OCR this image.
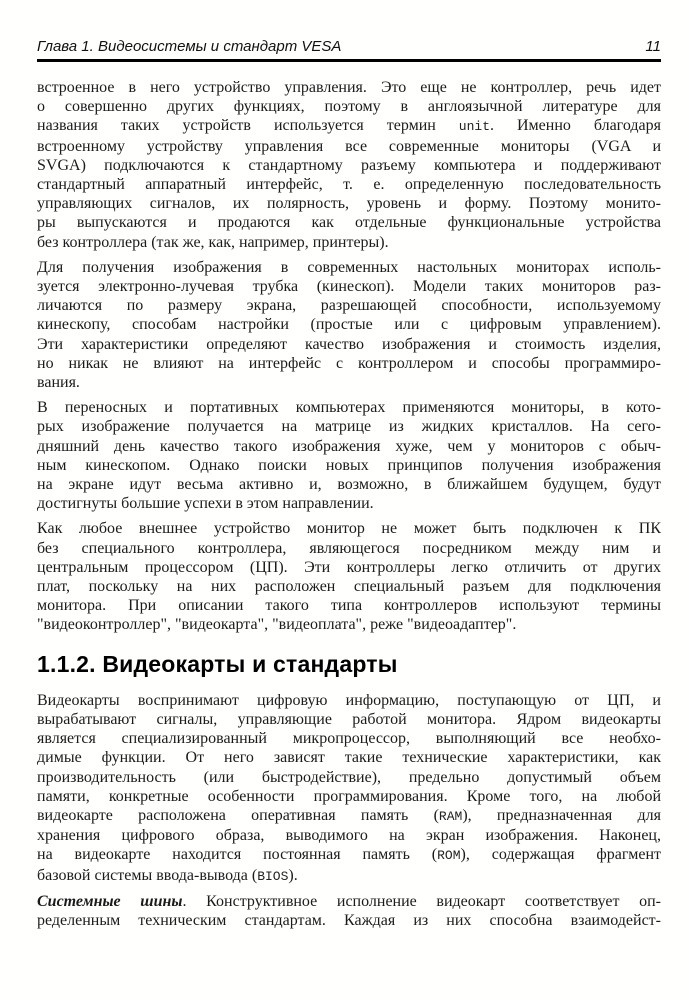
Глава 1. Видеосистемы и стандарт VESA	11
встроенное в него устройство управления. Это еще не контроллер, речь идет
о совершенно других функциях, поэтому в англоязычной литературе для
названия таких устройств используется термин unit. Именно благодаря
встроенному устройству управления все современные мониторы (VGA и
SVGA) подключаются к стандартному разъему компьютера и поддерживают
стандартный аппаратный интерфейс, т. е. определенную последовательность
управляющих сигналов, их полярность, уровень и форму. Поэтому монито-
ры выпускаются и продаются как отдельные функциональные устройства
без контроллера (так же, как, например, принтеры).
Для получения изображения в современных настольных мониторах исполь-
зуется электронно-лучевая трубка (кинескоп). Модели таких мониторов раз-
личаются по размеру экрана, разрешающей способности, используемому
кинескопу, способам настройки (простые или с цифровым управлением).
Эти характеристики определяют качество изображения и стоимость изделия,
но никак не влияют на интерфейс с контроллером и способы программиро-
вания.
В переносных и портативных компьютерах применяются мониторы, в кото-
рых изображение получается на матрице из жидких кристаллов. На сего-
дняшний день качество такого изображения хуже, чем у мониторов с обыч-
ным кинескопом. Однако поиски новых принципов получения изображения
на экране идут весьма активно и, возможно, в ближайшем будущем, будут
достигнуты большие успехи в этом направлении.
Как любое внешнее устройство монитор не может быть подключен к ПК
без специального контроллера, являющегося посредником между ним и
центральным процессором (ЦП). Эти контроллеры легко отличить от других
плат, поскольку на них расположен специальный разъем для подключения
монитора. При описании такого типа контроллеров используют термины
"видеоконтроллер", "видеокарта", "видеоплата", реже "видеоадаптер".
1.1.2. Видеокарты и стандарты
Видеокарты воспринимают цифровую информацию, поступающую от ЦП, и
вырабатывают сигналы, управляющие работой монитора. Ядром видеокарты
является специализированный микропроцессор, выполняющий все необхо-
димые функции. От него зависят такие технические характеристики, как
производительность (или быстродействие), предельно допустимый объем
памяти, конкретные особенности программирования. Кроме того, на любой
видеокарте расположена оперативная память (RAM), предназначенная для
хранения цифрового образа, выводимого на экран изображения. Наконец,
на видеокарте находится постоянная память (ROM), содержащая фрагмент
базовой системы ввода-вывода (BIOS).
Системные шины. Конструктивное исполнение видеокарт соответствует оп-
ределенным техническим стандартам. Каждая из них способна взаимодейст-
